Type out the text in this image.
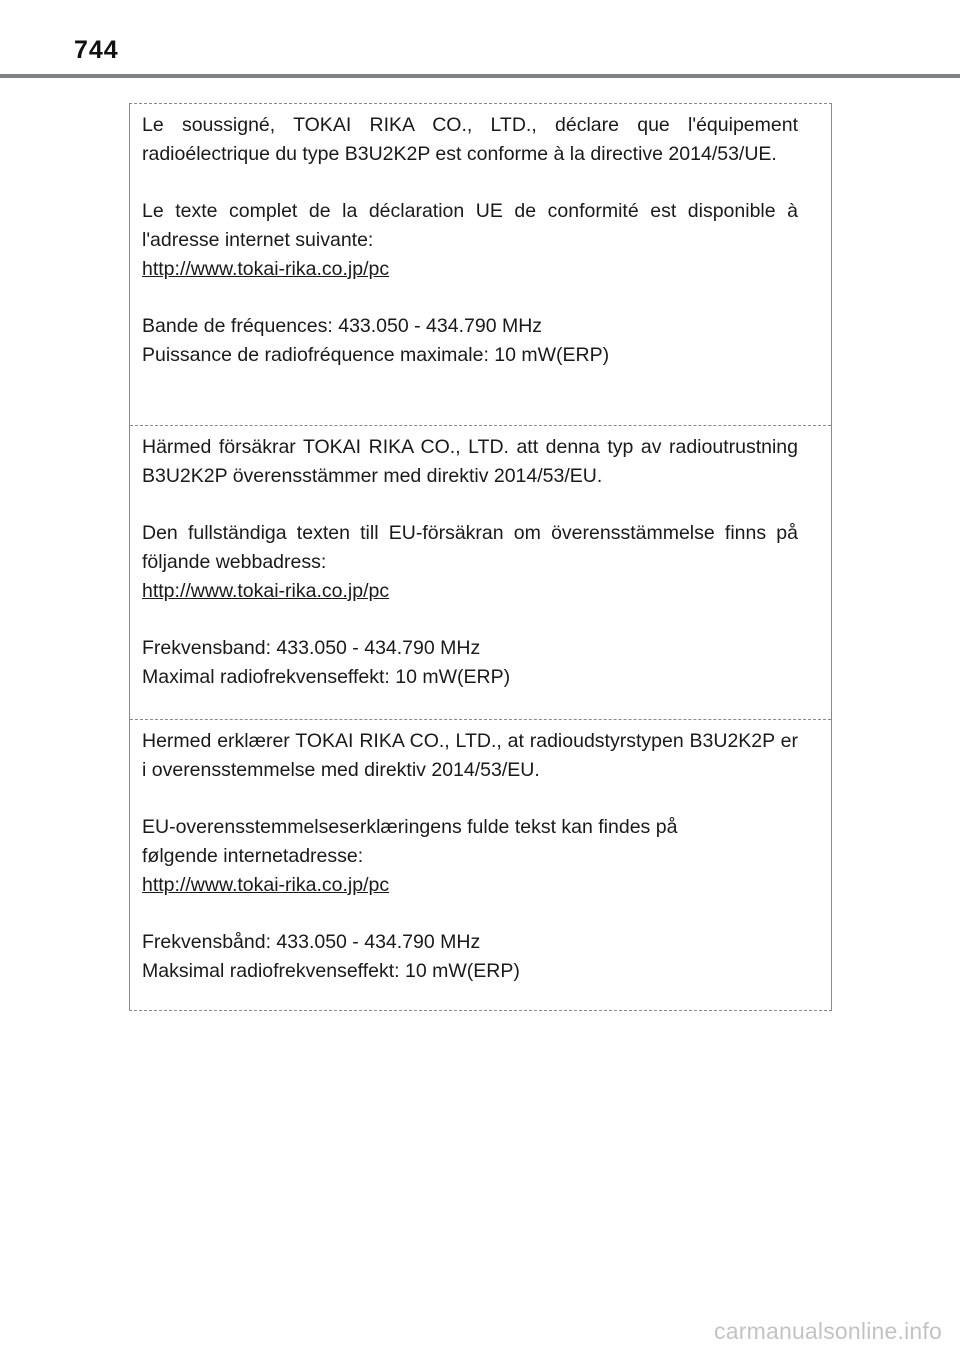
744

Le soussigné, TOKAI RIKA CO., LTD., déclare que l'équipement radioélectrique du type B3U2K2P est conforme à la directive 2014/53/UE.

Le texte complet de la déclaration UE de conformité est disponible à l'adresse internet suivante:

http://www.tokai-rika.co.jp/pc

Bande de fréquences: 433.050 - 434.790 MHz

Puissance de radiofréquence maximale: 10 mW(ERP)

Härmed försäkrar TOKAI RIKA CO., LTD. att denna typ av radioutrustning B3U2K2P överensstämmer med direktiv 2014/53/EU.

Den fullständiga texten till EU-försäkran om överensstämmelse finns på följande webbadress:

http://www.tokai-rika.co.jp/pc

Frekvensband: 433.050 - 434.790 MHz

Maximal radiofrekvenseffekt: 10 mW(ERP)

Hermed erklærer TOKAI RIKA CO., LTD., at radioudstyrstypen B3U2K2P er i overensstemmelse med direktiv 2014/53/EU.

EU-overensstemmelseserklæringens fulde tekst kan findes på følgende internetadresse:

http://www.tokai-rika.co.jp/pc

Frekvensbånd: 433.050 - 434.790 MHz

Maksimal radiofrekvenseffekt: 10 mW(ERP)

carmanualsonline.info
